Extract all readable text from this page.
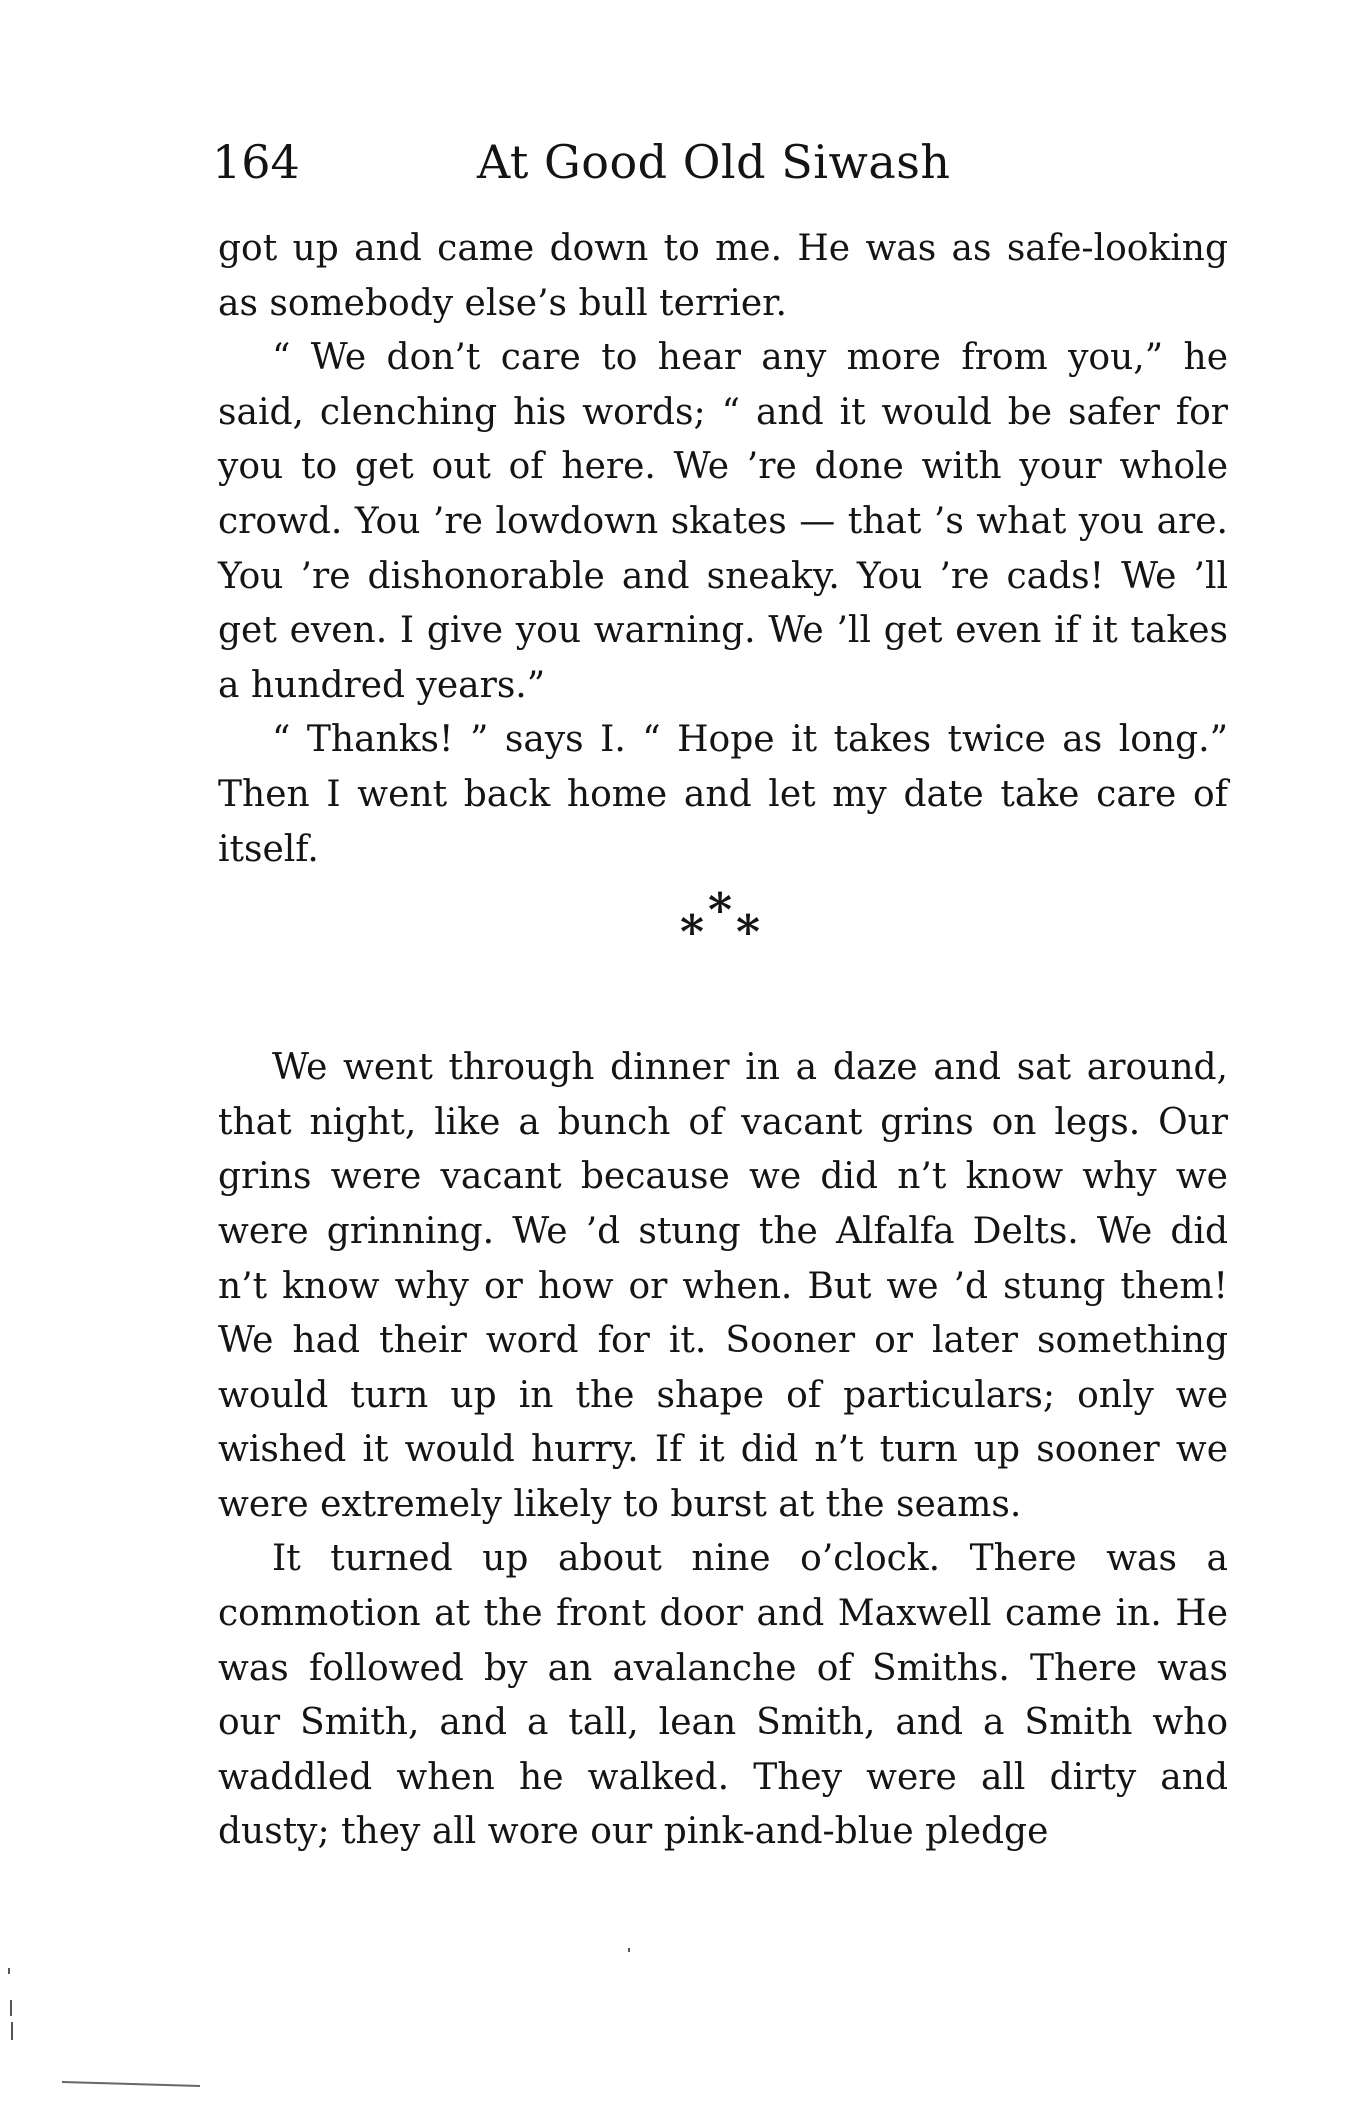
164	At Good Old Siwash

got up and came down to me. He was as safe-looking as somebody else’s bull terrier.

“ We don’t care to hear any more from you,” he said, clenching his words; “ and it would be safer for you to get out of here. We ’re done with your whole crowd. You ’re lowdown skates — that ’s what you are. You ’re dishonorable and sneaky. You ’re cads! We ’ll get even. I give you warning. We ’ll get even if it takes a hundred years.”

“ Thanks! ” says I. “ Hope it takes twice as long.” Then I went back home and let my date take care of itself.

*
* *

We went through dinner in a daze and sat around, that night, like a bunch of vacant grins on legs. Our grins were vacant because we did n’t know why we were grinning. We ’d stung the Alfalfa Delts. We did n’t know why or how or when. But we ’d stung them! We had their word for it. Sooner or later something would turn up in the shape of particulars; only we wished it would hurry. If it did n’t turn up sooner we were extremely likely to burst at the seams.

It turned up about nine o’clock. There was a commotion at the front door and Maxwell came in. He was followed by an avalanche of Smiths. There was our Smith, and a tall, lean Smith, and a Smith who waddled when he walked. They were all dirty and dusty; they all wore our pink-and-blue pledge
